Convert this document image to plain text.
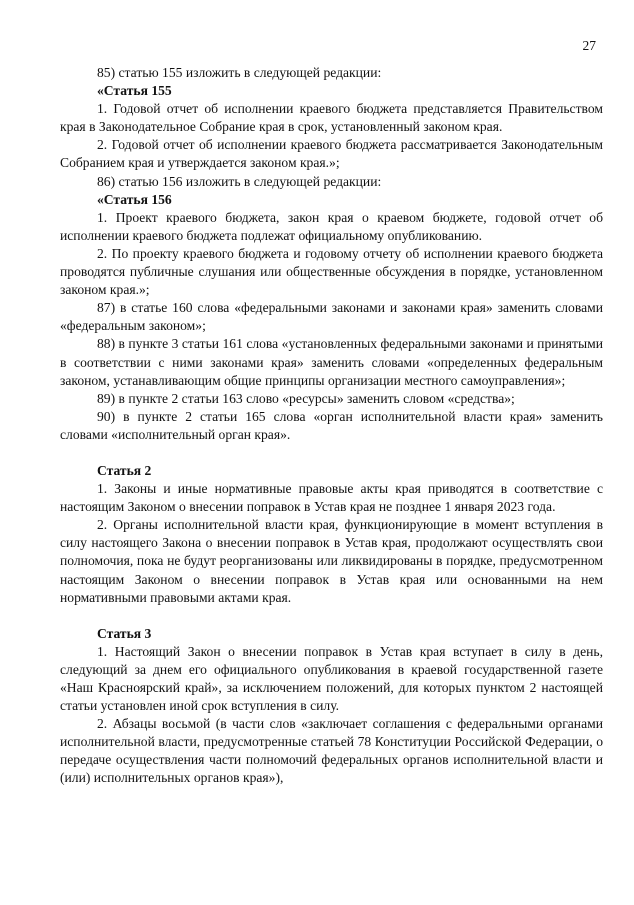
27

85) статью 155 изложить в следующей редакции:

«Статья 155

1. Годовой отчет об исполнении краевого бюджета представляется Правительством края в Законодательное Собрание края в срок, установленный законом края.

2. Годовой отчет об исполнении краевого бюджета рассматривается Законодательным Собранием края и утверждается законом края.»;

86) статью 156 изложить в следующей редакции:

«Статья 156

1. Проект краевого бюджета, закон края о краевом бюджете, годовой отчет об исполнении краевого бюджета подлежат официальному опубликованию.

2. По проекту краевого бюджета и годовому отчету об исполнении краевого бюджета проводятся публичные слушания или общественные обсуждения в порядке, установленном законом края.»;

87) в статье 160 слова «федеральными законами и законами края» заменить словами «федеральным законом»;

88) в пункте 3 статьи 161 слова «установленных федеральными законами и принятыми в соответствии с ними законами края» заменить словами «определенных федеральным законом, устанавливающим общие принципы организации местного самоуправления»;

89) в пункте 2 статьи 163 слово «ресурсы» заменить словом «средства»;

90) в пункте 2 статьи 165 слова «орган исполнительной власти края» заменить словами «исполнительный орган края».

Статья 2

1. Законы и иные нормативные правовые акты края приводятся в соответствие с настоящим Законом о внесении поправок в Устав края не позднее 1 января 2023 года.

2. Органы исполнительной власти края, функционирующие в момент вступления в силу настоящего Закона о внесении поправок в Устав края, продолжают осуществлять свои полномочия, пока не будут реорганизованы или ликвидированы в порядке, предусмотренном настоящим Законом о внесении поправок в Устав края или основанными на нем нормативными правовыми актами края.

Статья 3

1. Настоящий Закон о внесении поправок в Устав края вступает в силу в день, следующий за днем его официального опубликования в краевой государственной газете «Наш Красноярский край», за исключением положений, для которых пунктом 2 настоящей статьи установлен иной срок вступления в силу.

2. Абзацы восьмой (в части слов «заключает соглашения с федеральными органами исполнительной власти, предусмотренные статьей 78 Конституции Российской Федерации, о передаче осуществления части полномочий федеральных органов исполнительной власти и (или) исполнительных органов края»),
